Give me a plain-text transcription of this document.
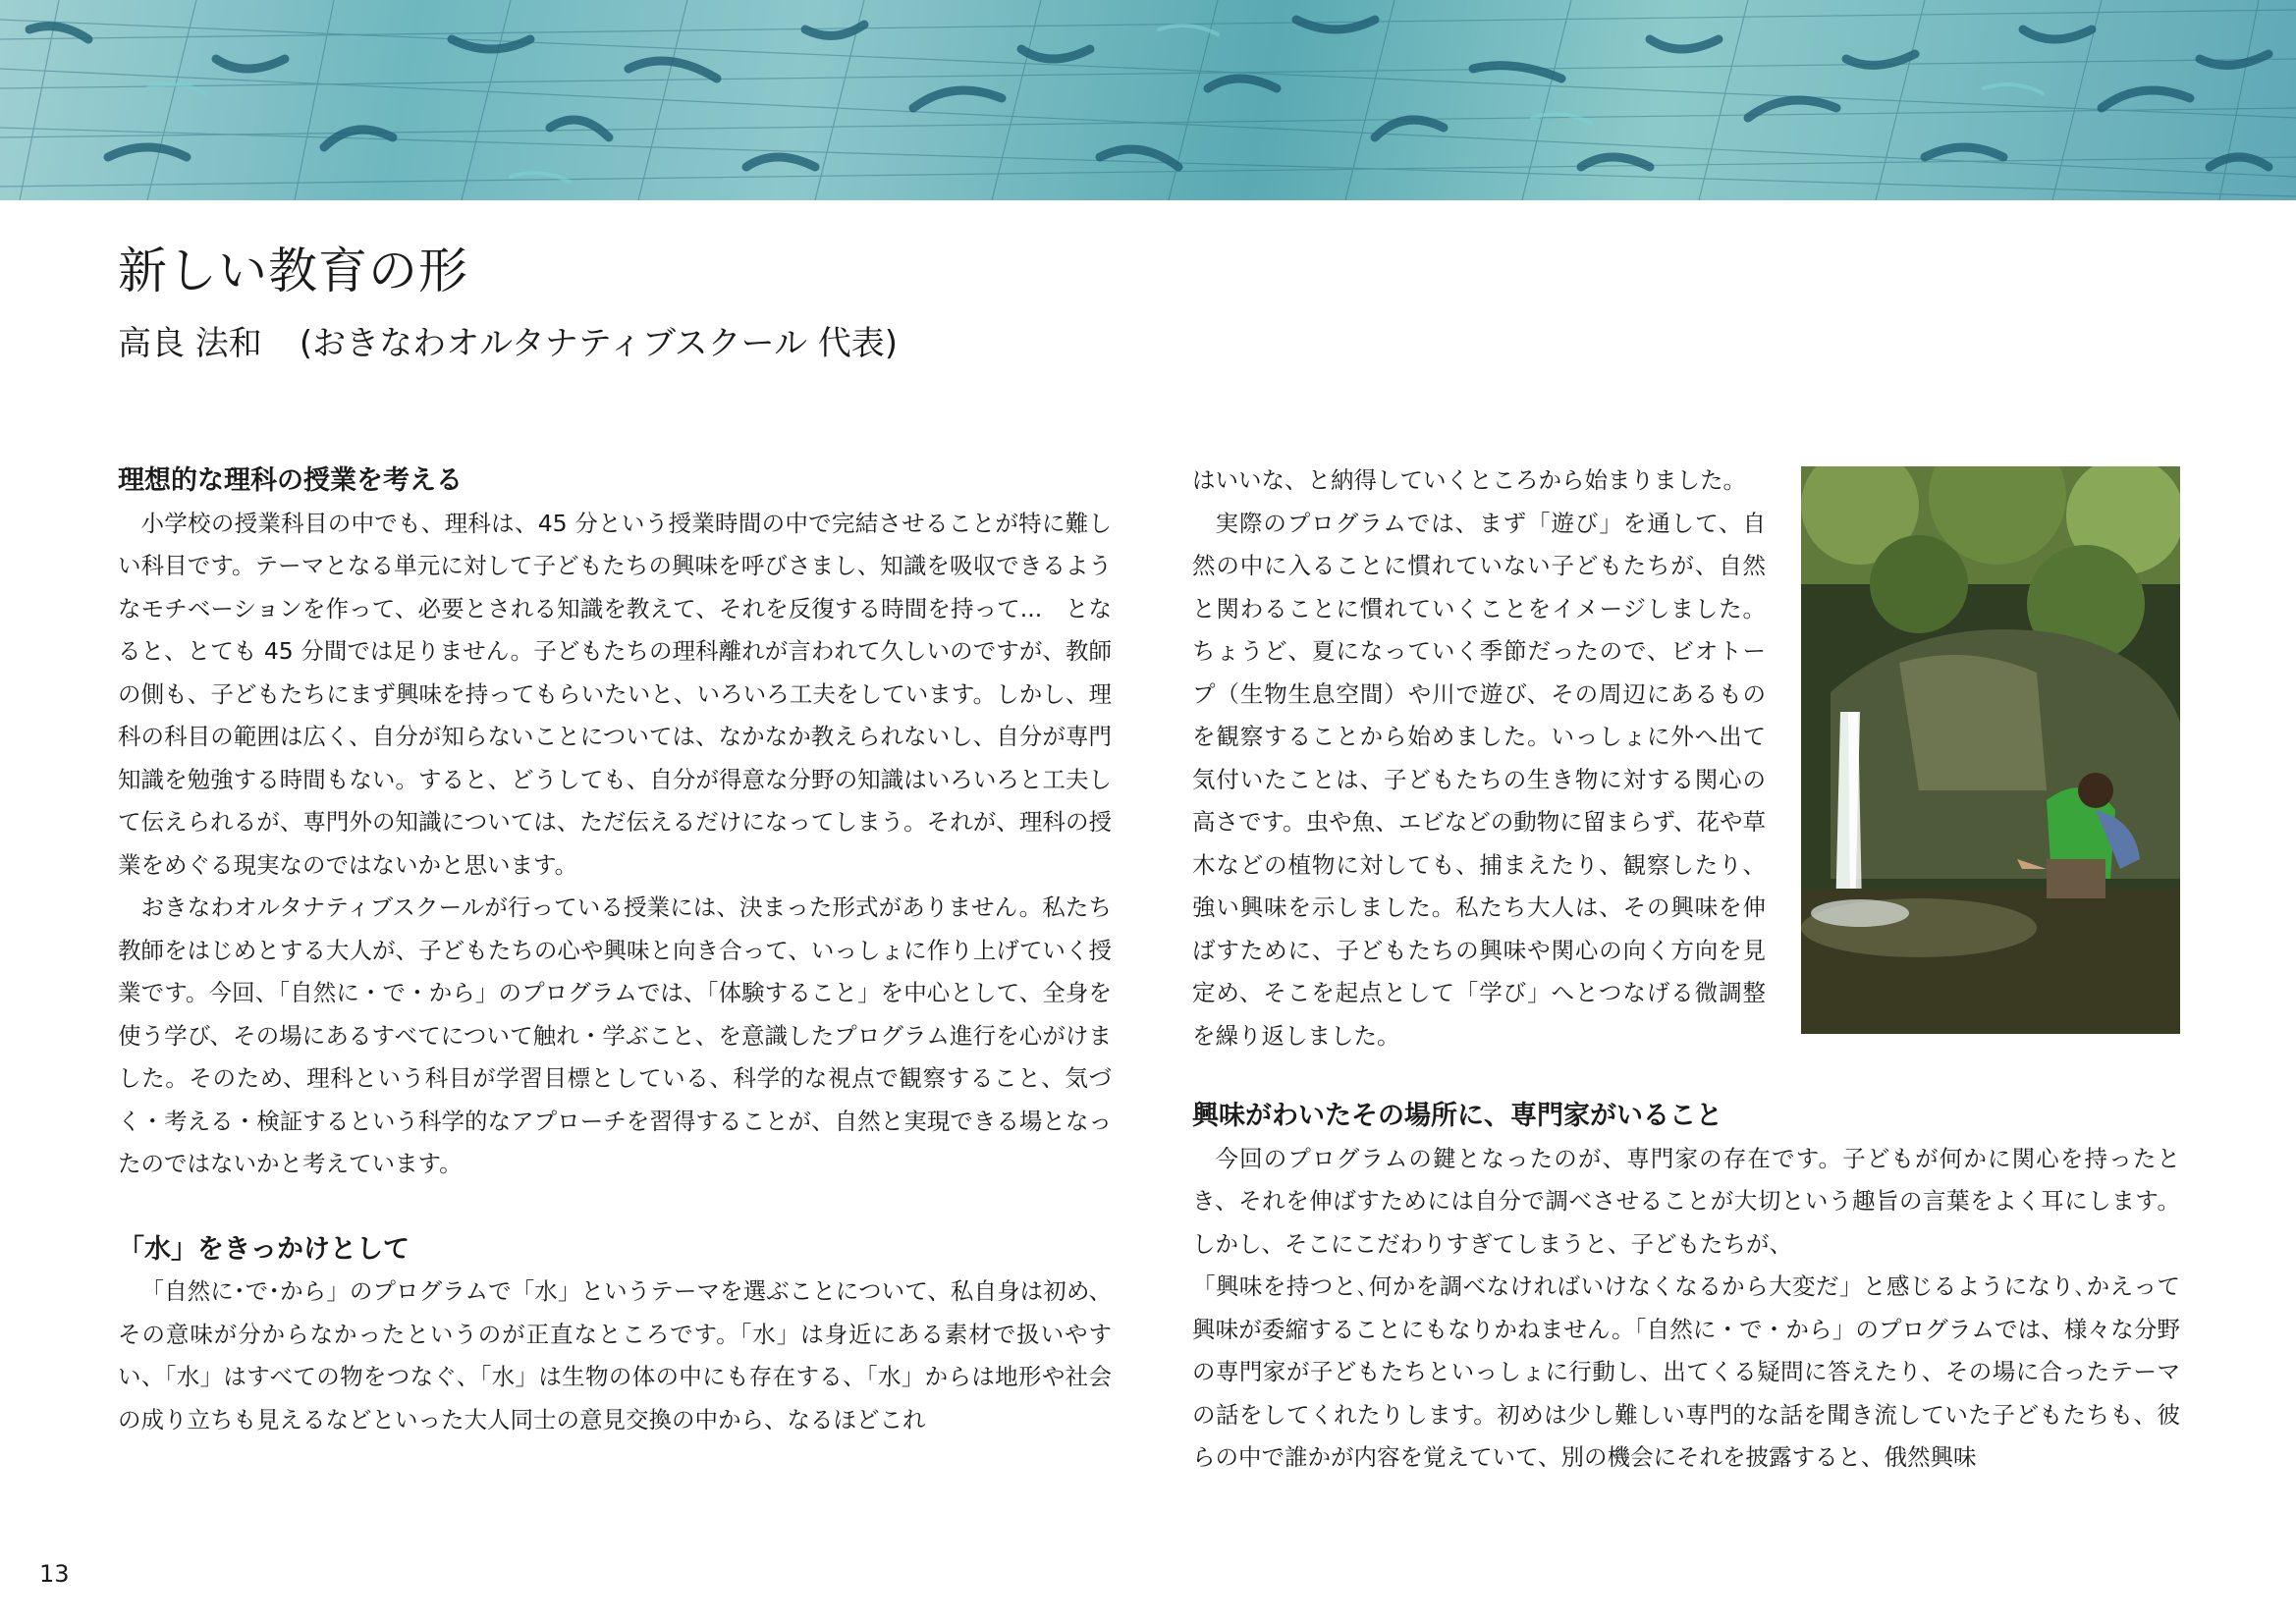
新しい教育の形
高良 法和 (おきなわオルタナティブスクール 代表)
理想的な理科の授業を考える

小学校の授業科目の中でも、理科は、45 分という授業時間の中で完結させることが特に難しい科目です。テーマとなる単元に対して子どもたちの興味を呼びさまし、知識を吸収できるようなモチベーションを作って、必要とされる知識を教えて、それを反復する時間を持って...　となると、とても 45 分間では足りません。子どもたちの理科離れが言われて久しいのですが、教師の側も、子どもたちにまず興味を持ってもらいたいと、いろいろ工夫をしています。しかし、理科の科目の範囲は広く、自分が知らないことについては、なかなか教えられないし、自分が専門知識を勉強する時間もない。すると、どうしても、自分が得意な分野の知識はいろいろと工夫して伝えられるが、専門外の知識については、ただ伝えるだけになってしまう。それが、理科の授業をめぐる現実なのではないかと思います。

おきなわオルタナティブスクールが行っている授業には、決まった形式がありません。私たち教師をはじめとする大人が、子どもたちの心や興味と向き合って、いっしょに作り上げていく授業です。今回、「自然に・で・から」のプログラムでは、「体験すること」を中心として、全身を使う学び、その場にあるすべてについて触れ・学ぶこと、を意識したプログラム進行を心がけました。そのため、理科という科目が学習目標としている、科学的な視点で観察すること、気づく・考える・検証するという科学的なアプローチを習得することが、自然と実現できる場となったのではないかと考えています。

「水」をきっかけとして

「自然に･で･から」のプログラムで「水」というテーマを選ぶことについて、私自身は初め、その意味が分からなかったというのが正直なところです。「水」は身近にある素材で扱いやすい、「水」はすべての物をつなぐ、「水」は生物の体の中にも存在する、「水」からは地形や社会の成り立ちも見えるなどといった大人同士の意見交換の中から、なるほどこれ

はいいな、と納得していくところから始まりました。

実際のプログラムでは、まず「遊び」を通して、自然の中に入ることに慣れていない子どもたちが、自然と関わることに慣れていくことをイメージしました。ちょうど、夏になっていく季節だったので、ビオトープ（生物生息空間）や川で遊び、その周辺にあるものを観察することから始めました。いっしょに外へ出て気付いたことは、子どもたちの生き物に対する関心の高さです。虫や魚、エビなどの動物に留まらず、花や草木などの植物に対しても、捕まえたり、観察したり、強い興味を示しました。私たち大人は、その興味を伸ばすために、子どもたちの興味や関心の向く方向を見定め、そこを起点として「学び」へとつなげる微調整を繰り返しました。

興味がわいたその場所に、専門家がいること

今回のプログラムの鍵となったのが、専門家の存在です。子どもが何かに関心を持ったとき、それを伸ばすためには自分で調べさせることが大切という趣旨の言葉をよく耳にします。しかし、そこにこだわりすぎてしまうと、子どもたちが、

「興味を持つと､何かを調べなければいけなくなるから大変だ」と感じるようになり､かえって興味が委縮することにもなりかねません。「自然に・で・から」のプログラムでは、様々な分野の専門家が子どもたちといっしょに行動し、出てくる疑問に答えたり、その場に合ったテーマの話をしてくれたりします。初めは少し難しい専門的な話を聞き流していた子どもたちも、彼らの中で誰かが内容を覚えていて、別の機会にそれを披露すると、俄然興味

13
